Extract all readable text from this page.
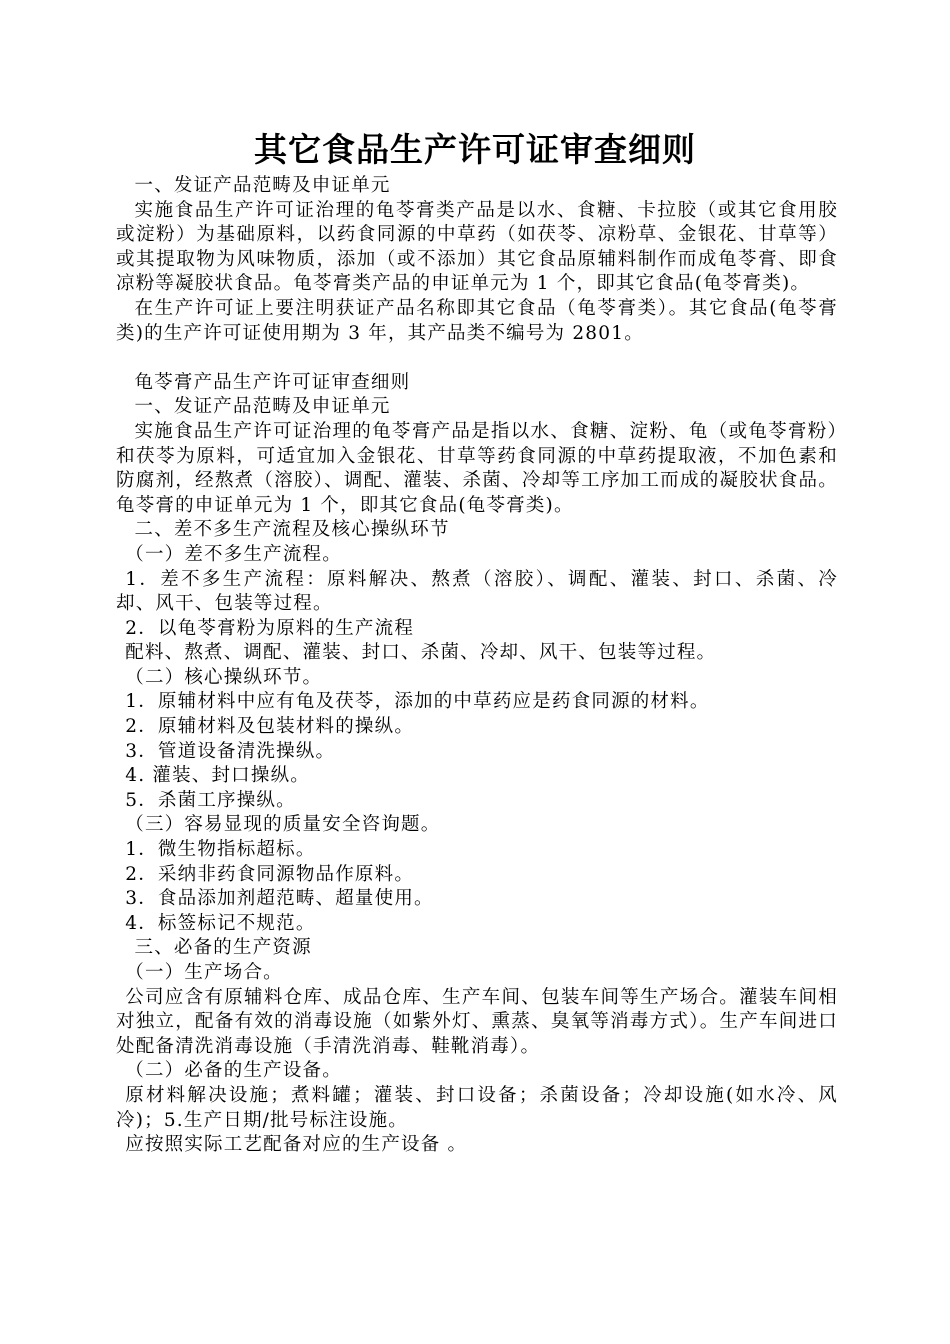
其它食品生产许可证审查细则

一、发证产品范畴及申证单元

实施食品生产许可证治理的龟苓膏类产品是以水、食糖、卡拉胶（或其它食用胶或淀粉）为基础原料，以药食同源的中草药（如茯苓、凉粉草、金银花、甘草等）或其提取物为风味物质，添加（或不添加）其它食品原辅料制作而成龟苓膏、即食凉粉等凝胶状食品。龟苓膏类产品的申证单元为 1 个，即其它食品(龟苓膏类)。

在生产许可证上要注明获证产品名称即其它食品（龟苓膏类）。其它食品(龟苓膏类)的生产许可证使用期为 3 年，其产品类不编号为 2801。

龟苓膏产品生产许可证审查细则

一、发证产品范畴及申证单元

实施食品生产许可证治理的龟苓膏产品是指以水、食糖、淀粉、龟（或龟苓膏粉）和茯苓为原料，可适宜加入金银花、甘草等药食同源的中草药提取液，不加色素和防腐剂，经熬煮（溶胶）、调配、灌装、杀菌、冷却等工序加工而成的凝胶状食品。龟苓膏的申证单元为 1 个，即其它食品(龟苓膏类)。

二、差不多生产流程及核心操纵环节

（一）差不多生产流程。

1．差不多生产流程：原料解决、熬煮（溶胶）、调配、灌装、封口、杀菌、冷却、风干、包装等过程。

2．以龟苓膏粉为原料的生产流程

配料、熬煮、调配、灌装、封口、杀菌、冷却、风干、包装等过程。

（二）核心操纵环节。

1．原辅材料中应有龟及茯苓，添加的中草药应是药食同源的材料。

2．原辅材料及包装材料的操纵。

3．管道设备清洗操纵。

4. 灌装、封口操纵。

5．杀菌工序操纵。

（三）容易显现的质量安全咨询题。

1．微生物指标超标。

2．采纳非药食同源物品作原料。

3．食品添加剂超范畴、超量使用。

4．标签标记不规范。

三、必备的生产资源

（一）生产场合。

公司应含有原辅料仓库、成品仓库、生产车间、包装车间等生产场合。灌装车间相对独立，配备有效的消毒设施（如紫外灯、熏蒸、臭氧等消毒方式）。生产车间进口处配备清洗消毒设施（手清洗消毒、鞋靴消毒）。

（二）必备的生产设备。

原材料解决设施；煮料罐；灌装、封口设备；杀菌设备；冷却设施(如水冷、风冷)；5.生产日期/批号标注设施。

应按照实际工艺配备对应的生产设备 。
